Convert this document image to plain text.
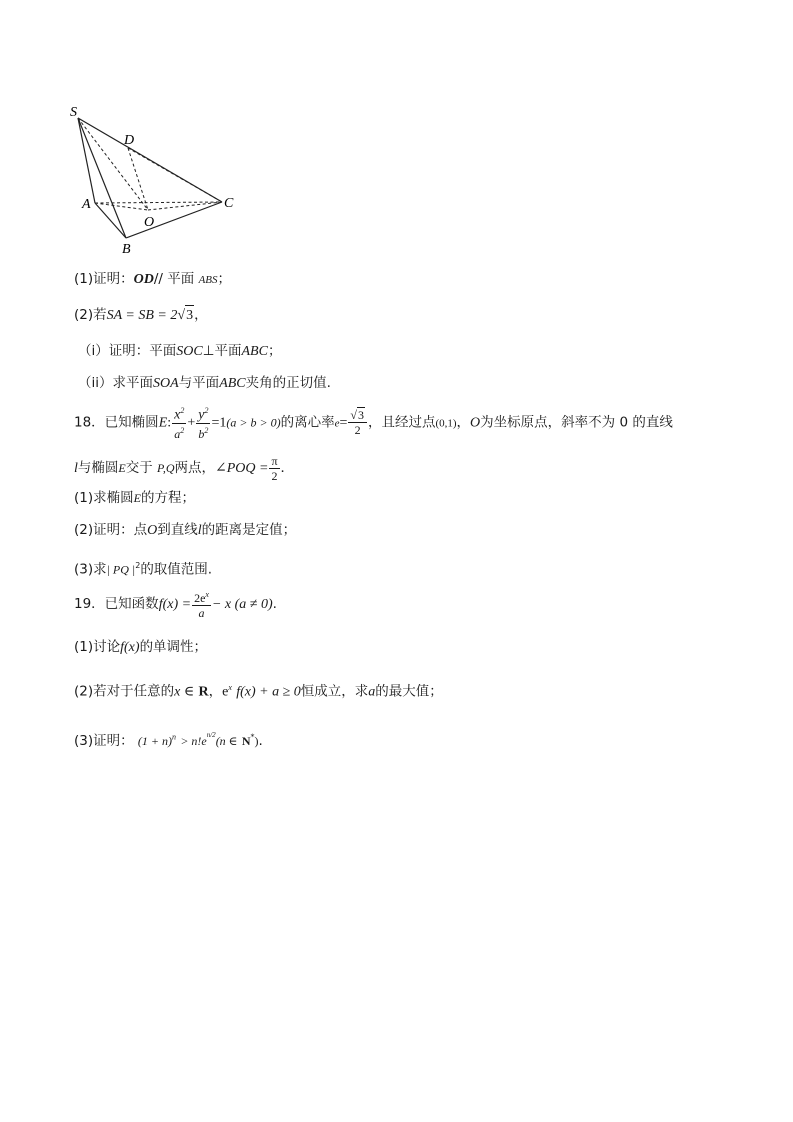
S
D
A
O
C
B
(1)证明：OD// 平面 ABS；
(2)若SA = SB = 2√3，
（i）证明：平面SOC⊥平面ABC；
（ii）求平面SOA与平面ABC夹角的正切值.
18．已知椭圆E: $\frac{x^2}{a^2} + \frac{y^2}{b^2} =1(a > b > 0)$的离心率$e= \frac{√3}{2}$ ，且经过点(0,1)，O为坐标原点，斜率不为 0 的直线
l与椭圆E交于 P,Q两点，∠POQ = $\frac{\pi}{2}$ ．
(1)求椭圆E的方程；
(2)证明：点O到直线l的距离是定值；
(3)求| PQ $|^2$的取值范围.
19．已知函数$f(x) = \frac{2e^x}{a} - x$ (a ≠ 0).
(1)讨论f(x)的单调性；
(2)若对于任意的x ∈ R，$e^x$ f(x) + a ≥ 0恒成立，求a的最大值；
(3)证明： $(1 + n)^n > n!e^{n/2}(n$ ∈ N*).
